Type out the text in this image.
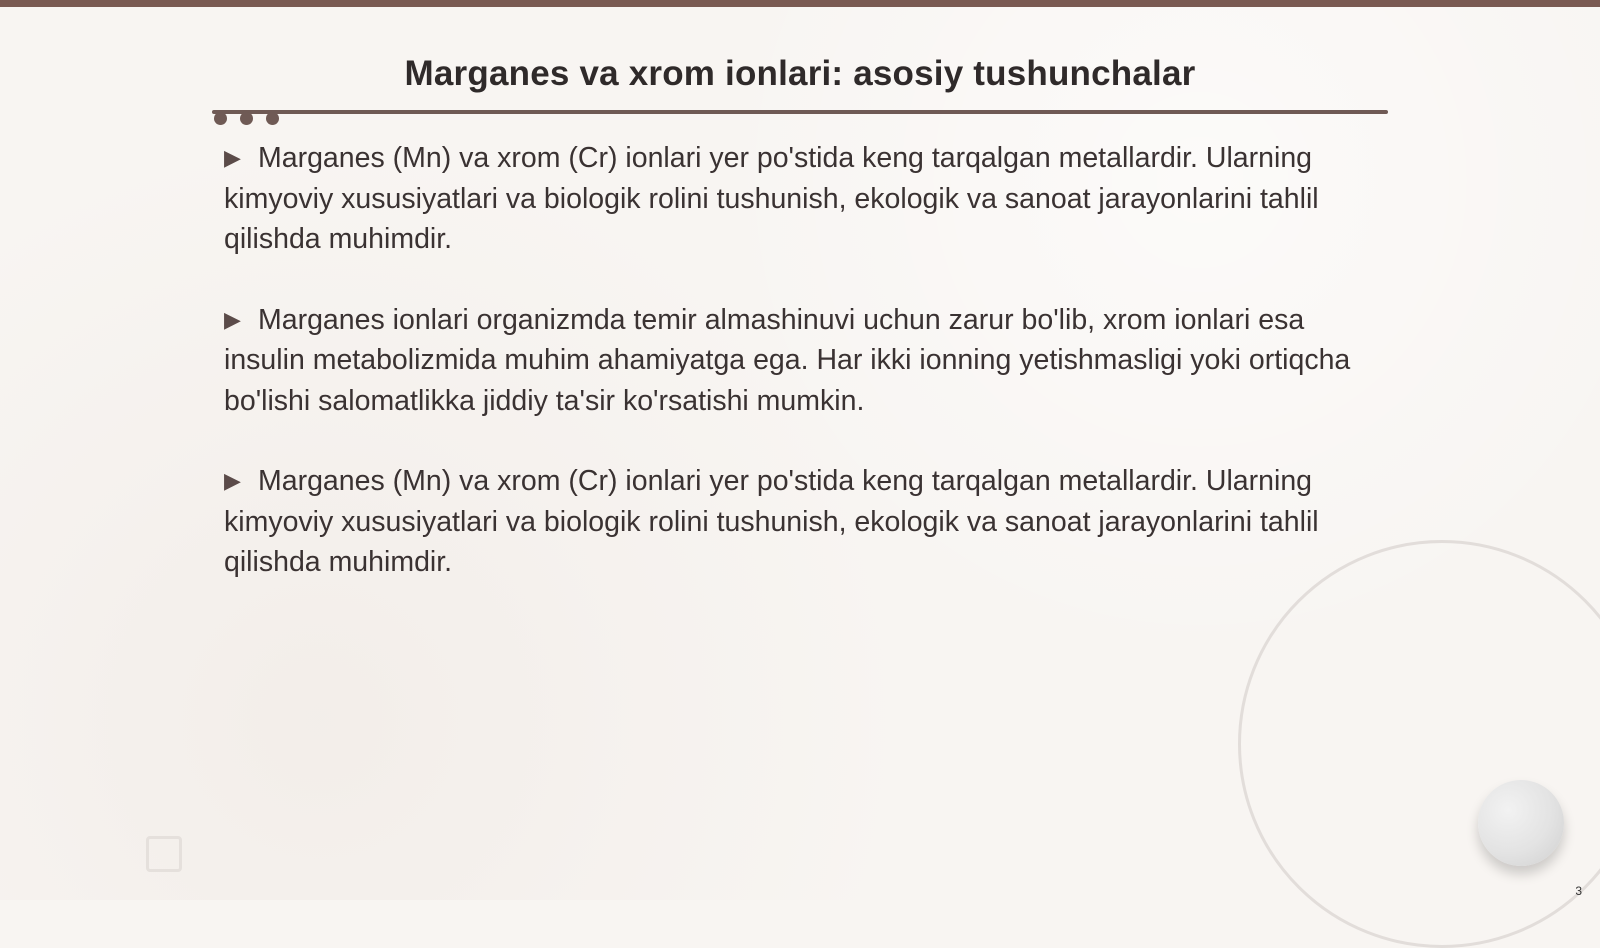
Marganes va xrom ionlari: asosiy tushunchalar

▶ Marganes (Mn) va xrom (Cr) ionlari yer po'stida keng tarqalgan metallardir. Ularning kimyoviy xususiyatlari va biologik rolini tushunish, ekologik va sanoat jarayonlarini tahlil qilishda muhimdir.

▶ Marganes ionlari organizmda temir almashinuvi uchun zarur bo'lib, xrom ionlari esa insulin metabolizmida muhim ahamiyatga ega. Har ikki ionning yetishmasligi yoki ortiqcha bo'lishi salomatlikka jiddiy ta'sir ko'rsatishi mumkin.

▶ Marganes (Mn) va xrom (Cr) ionlari yer po'stida keng tarqalgan metallardir. Ularning kimyoviy xususiyatlari va biologik rolini tushunish, ekologik va sanoat jarayonlarini tahlil qilishda muhimdir.

3
